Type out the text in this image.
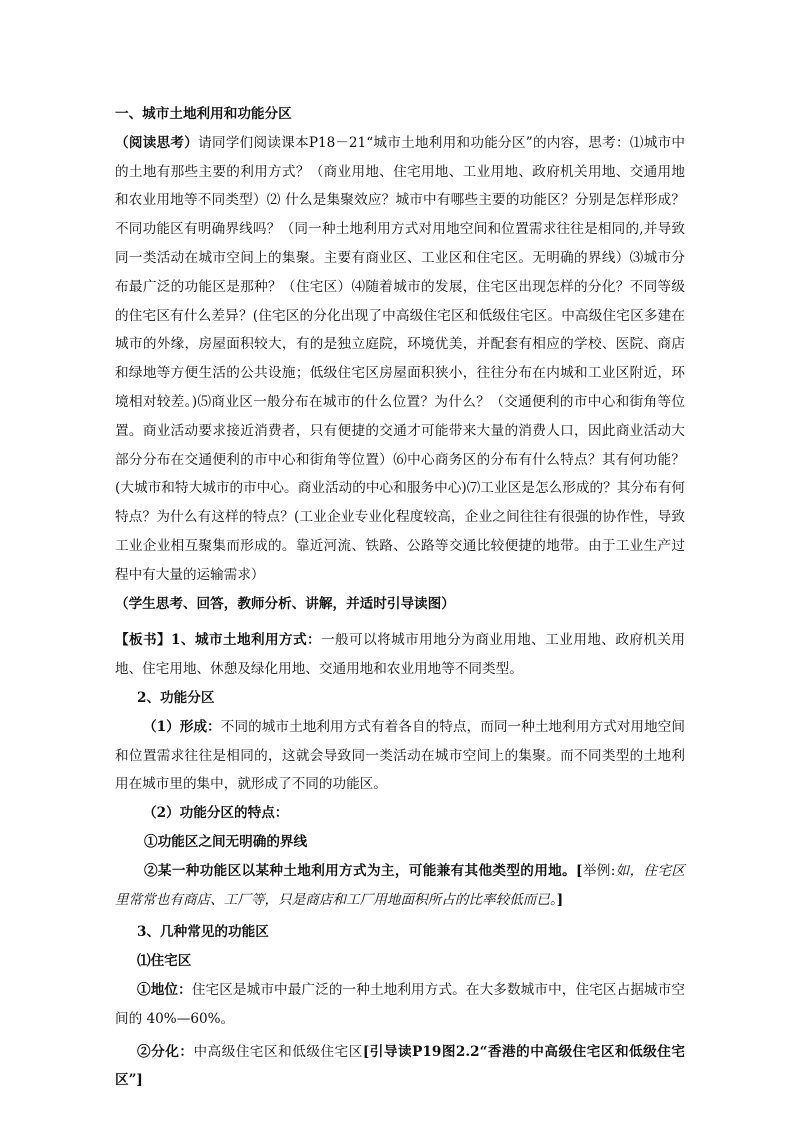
一、城市土地利用和功能分区

（阅读思考）请同学们阅读课本P18－21“城市土地利用和功能分区”的内容，思考：⑴城市中的土地有那些主要的利用方式？（商业用地、住宅用地、工业用地、政府机关用地、交通用地和农业用地等不同类型）⑵ 什么是集聚效应？城市中有哪些主要的功能区？分别是怎样形成？不同功能区有明确界线吗？（同一种土地利用方式对用地空间和位置需求往往是相同的,并导致同一类活动在城市空间上的集聚。主要有商业区、工业区和住宅区。无明确的界线）⑶城市分布最广泛的功能区是那种？（住宅区）⑷随着城市的发展，住宅区出现怎样的分化？不同等级的住宅区有什么差异？(住宅区的分化出现了中高级住宅区和低级住宅区。中高级住宅区多建在城市的外缘，房屋面积较大，有的是独立庭院，环境优美，并配套有相应的学校、医院、商店和绿地等方便生活的公共设施；低级住宅区房屋面积狭小，往往分布在内城和工业区附近，环境相对较差。)⑸商业区一般分布在城市的什么位置？为什么？（交通便利的市中心和街角等位置。商业活动要求接近消费者，只有便捷的交通才可能带来大量的消费人口，因此商业活动大部分分布在交通便利的市中心和街角等位置）⑹中心商务区的分布有什么特点？其有何功能？(大城市和特大城市的市中心。商业活动的中心和服务中心)⑺工业区是怎么形成的？其分布有何特点？为什么有这样的特点？(工业企业专业化程度较高，企业之间往往有很强的协作性，导致工业企业相互聚集而形成的。靠近河流、铁路、公路等交通比较便捷的地带。由于工业生产过程中有大量的运输需求）

（学生思考、回答，教师分析、讲解，并适时引导读图）

【板书】1、城市土地利用方式：一般可以将城市用地分为商业用地、工业用地、政府机关用地、住宅用地、休憩及绿化用地、交通用地和农业用地等不同类型。

2、功能分区

（1）形成：不同的城市土地利用方式有着各自的特点，而同一种土地利用方式对用地空间和位置需求往往是相同的，这就会导致同一类活动在城市空间上的集聚。而不同类型的土地利用在城市里的集中，就形成了不同的功能区。

（2）功能分区的特点：

①功能区之间无明确的界线

②某一种功能区以某种土地利用方式为主，可能兼有其他类型的用地。[举例:如，住宅区里常常也有商店、工厂等，只是商店和工厂用地面积所占的比率较低而已。]

3、几种常见的功能区

⑴住宅区

①地位：住宅区是城市中最广泛的一种土地利用方式。在大多数城市中，住宅区占据城市空间的 40%—60%。

②分化：中高级住宅区和低级住宅区[引导读P19图2.2“香港的中高级住宅区和低级住宅区”]
